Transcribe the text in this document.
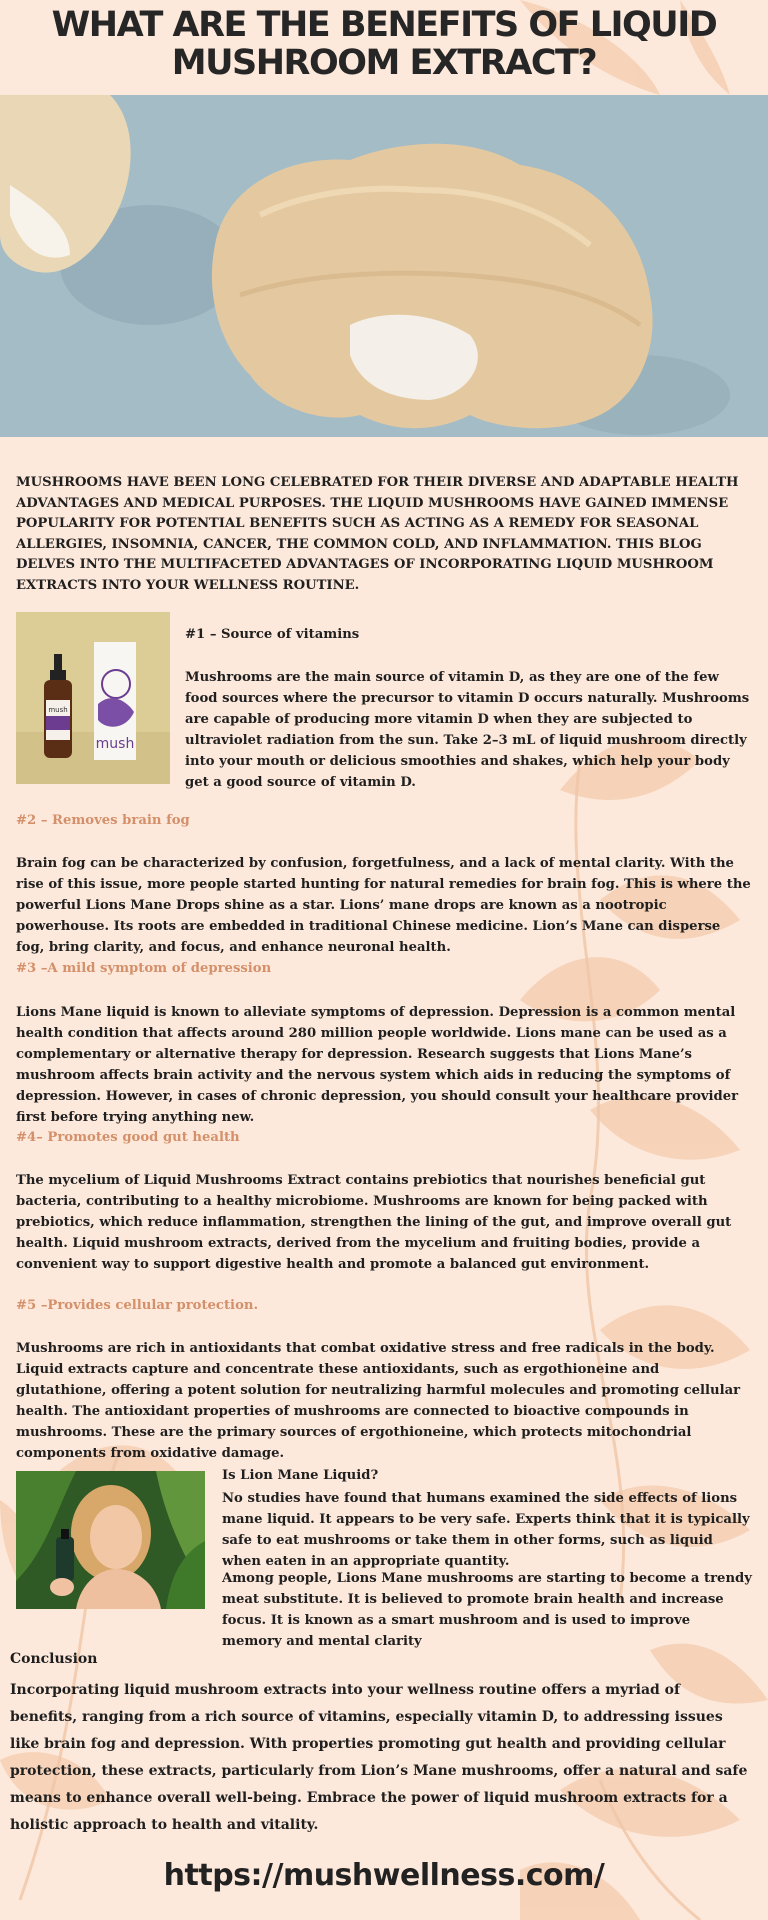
WHAT ARE THE BENEFITS OF LIQUID MUSHROOM EXTRACT?
MUSHROOMS HAVE BEEN LONG CELEBRATED FOR THEIR DIVERSE AND ADAPTABLE HEALTH ADVANTAGES AND MEDICAL PURPOSES. THE LIQUID MUSHROOMS HAVE GAINED IMMENSE POPULARITY FOR POTENTIAL BENEFITS SUCH AS ACTING AS A REMEDY FOR SEASONAL ALLERGIES, INSOMNIA, CANCER, THE COMMON COLD, AND INFLAMMATION. THIS BLOG DELVES INTO THE MULTIFACETED ADVANTAGES OF INCORPORATING LIQUID MUSHROOM EXTRACTS INTO YOUR WELLNESS ROUTINE.
mush
mush
#1 – Source of vitamins
Mushrooms are the main source of vitamin D, as they are one of the few food sources where the precursor to vitamin D occurs naturally. Mushrooms are capable of producing more vitamin D when they are subjected to ultraviolet radiation from the sun. Take 2–3 mL of liquid mushroom directly into your mouth or delicious smoothies and shakes, which help your body get a good source of vitamin D.
#2 – Removes brain fog
Brain fog can be characterized by confusion, forgetfulness, and a lack of mental clarity. With the rise of this issue, more people started hunting for natural remedies for brain fog. This is where the powerful Lions Mane Drops shine as a star. Lions’ mane drops are known as a nootropic powerhouse. Its roots are embedded in traditional Chinese medicine. Lion’s Mane can disperse fog, bring clarity, and focus, and enhance neuronal health.
#3 –A mild symptom of depression
Lions Mane liquid is known to alleviate symptoms of depression. Depression is a common mental health condition that affects around 280 million people worldwide. Lions mane can be used as a complementary or alternative therapy for depression. Research suggests that Lions Mane’s mushroom affects brain activity and the nervous system which aids in reducing the symptoms of depression. However, in cases of chronic depression, you should consult your healthcare provider first before trying anything new.
#4– Promotes good gut health
The mycelium of Liquid Mushrooms Extract contains prebiotics that nourishes beneficial gut bacteria, contributing to a healthy microbiome. Mushrooms are known for being packed with prebiotics, which reduce inflammation, strengthen the lining of the gut, and improve overall gut health. Liquid mushroom extracts, derived from the mycelium and fruiting bodies, provide a convenient way to support digestive health and promote a balanced gut environment.
#5 –Provides cellular protection.
Mushrooms are rich in antioxidants that combat oxidative stress and free radicals in the body. Liquid extracts capture and concentrate these antioxidants, such as ergothioneine and glutathione, offering a potent solution for neutralizing harmful molecules and promoting cellular health. The antioxidant properties of mushrooms are connected to bioactive compounds in mushrooms. These are the primary sources of ergothioneine, which protects mitochondrial components from oxidative damage.
Is Lion Mane Liquid?
No studies have found that humans examined the side effects of lions mane liquid. It appears to be very safe. Experts think that it is typically safe to eat mushrooms or take them in other forms, such as liquid when eaten in an appropriate quantity.
Among people, Lions Mane mushrooms are starting to become a trendy meat substitute. It is believed to promote brain health and increase focus. It is known as a smart mushroom and is used to improve memory and mental clarity
Conclusion
Incorporating liquid mushroom extracts into your wellness routine offers a myriad of benefits, ranging from a rich source of vitamins, especially vitamin D, to addressing issues like brain fog and depression. With properties promoting gut health and providing cellular protection, these extracts, particularly from Lion’s Mane mushrooms, offer a natural and safe means to enhance overall well-being. Embrace the power of liquid mushroom extracts for a holistic approach to health and vitality.
https://mushwellness.com/
